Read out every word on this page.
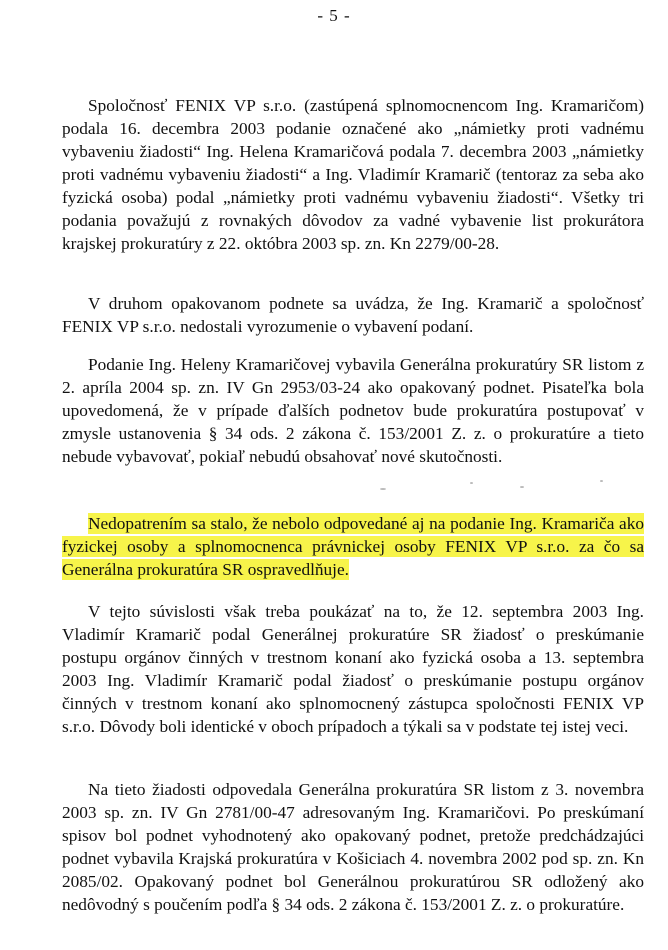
- 5 -

Spoločnosť FENIX VP s.r.o. (zastúpená splnomocnencom Ing. Kramaričom) podala 16. decembra 2003 podanie označené ako „námietky proti vadnému vybaveniu žiadosti“ Ing. Helena Kramaričová podala 7. decembra 2003 „námietky proti vadnému vybaveniu žiadosti“ a Ing. Vladimír Kramarič (tentoraz za seba ako fyzická osoba) podal „námietky proti vadnému vybaveniu žiadosti“. Všetky tri podania považujú z rovnakých dôvodov za vadné vybavenie list prokurátora krajskej prokuratúry z 22. októbra 2003 sp. zn. Kn 2279/00-28.

V druhom opakovanom podnete sa uvádza, že Ing. Kramarič a spoločnosť FENIX VP s.r.o. nedostali vyrozumenie o vybavení podaní.

Podanie Ing. Heleny Kramaričovej vybavila Generálna prokuratúry SR listom z 2. apríla 2004 sp. zn. IV Gn 2953/03-24 ako opakovaný podnet. Pisateľka bola upovedomená, že v prípade ďalších podnetov bude prokuratúra postupovať v zmysle ustanovenia § 34 ods. 2 zákona č. 153/2001 Z. z. o prokuratúre a tieto nebude vybavovať, pokiaľ nebudú obsahovať nové skutočnosti.

Nedopatrením sa stalo, že nebolo odpovedané aj na podanie Ing. Kramariča ako fyzickej osoby a splnomocnenca právnickej osoby FENIX VP s.r.o. za čo sa Generálna prokuratúra SR ospravedlňuje.

V tejto súvislosti však treba poukázať na to, že 12. septembra 2003 Ing. Vladimír Kramarič podal Generálnej prokuratúre SR žiadosť o preskúmanie postupu orgánov činných v trestnom konaní ako fyzická osoba a 13. septembra 2003 Ing. Vladimír Kramarič podal žiadosť o preskúmanie postupu orgánov činných v trestnom konaní ako splnomocnený zástupca spoločnosti FENIX VP s.r.o. Dôvody boli identické v oboch prípadoch a týkali sa v podstate tej istej veci.

Na tieto žiadosti odpovedala Generálna prokuratúra SR listom z 3. novembra 2003 sp. zn. IV Gn 2781/00-47 adresovaným Ing. Kramaričovi. Po preskúmaní spisov bol podnet vyhodnotený ako opakovaný podnet, pretože predchádzajúci podnet vybavila Krajská prokuratúra v Košiciach 4. novembra 2002 pod sp. zn. Kn 2085/02. Opakovaný podnet bol Generálnou prokuratúrou SR odložený ako nedôvodný s poučením podľa § 34 ods. 2 zákona č. 153/2001 Z. z. o prokuratúre.
